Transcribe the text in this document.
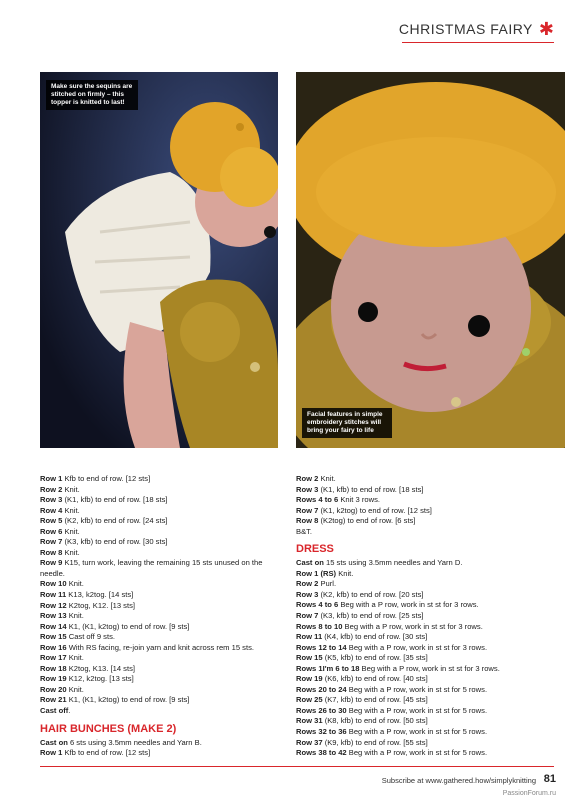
CHRISTMAS FAIRY ✱
Make sure the sequins are stitched on firmly – this topper is knitted to last!
Facial features in simple embroidery stitches will bring your fairy to life

Row 1 Kfb to end of row. [12 sts]

Row 2 Knit.

Row 3 (K1, kfb) to end of row. [18 sts]

Row 4 Knit.

Row 5 (K2, kfb) to end of row. [24 sts]

Row 6 Knit.

Row 7 (K3, kfb) to end of row. [30 sts]

Row 8 Knit.

Row 9 K15, turn work, leaving the remaining 15 sts unused on the needle.

Row 10 Knit.

Row 11 K13, k2tog. [14 sts]

Row 12 K2tog, K12. [13 sts]

Row 13 Knit.

Row 14 K1, (K1, k2tog) to end of row. [9 sts]

Row 15 Cast off 9 sts.

Row 16 With RS facing, re-join yarn and knit across rem 15 sts.

Row 17 Knit.

Row 18 K2tog, K13. [14 sts]

Row 19 K12, k2tog. [13 sts]

Row 20 Knit.

Row 21 K1, (K1, k2tog) to end of row. [9 sts]

Cast off.

HAIR BUNCHES (MAKE 2)

Cast on 6 sts using 3.5mm needles and Yarn B.

Row 1 Kfb to end of row. [12 sts]

Row 2 Knit.

Row 3 (K1, kfb) to end of row. [18 sts]

Rows 4 to 6 Knit 3 rows.

Row 7 (K1, k2tog) to end of row. [12 sts]

Row 8 (K2tog) to end of row. [6 sts]

B&T.

DRESS

Cast on 15 sts using 3.5mm needles and Yarn D.

Row 1 (RS) Knit.

Row 2 Purl.

Row 3 (K2, kfb) to end of row. [20 sts]

Rows 4 to 6 Beg with a P row, work in st st for 3 rows.

Row 7 (K3, kfb) to end of row. [25 sts]

Rows 8 to 10 Beg with a P row, work in st st for 3 rows.

Row 11 (K4, kfb) to end of row. [30 sts]

Rows 12 to 14 Beg with a P row, work in st st for 3 rows.

Row 15 (K5, kfb) to end of row. [35 sts]

Rows 1I'm 6 to 18 Beg with a P row, work in st st for 3 rows.

Row 19 (K6, kfb) to end of row. [40 sts]

Rows 20 to 24 Beg with a P row, work in st st for 5 rows.

Row 25 (K7, kfb) to end of row. [45 sts]

Rows 26 to 30 Beg with a P row, work in st st for 5 rows.

Row 31 (K8, kfb) to end of row. [50 sts]

Rows 32 to 36 Beg with a P row, work in st st for 5 rows.

Row 37 (K9, kfb) to end of row. [55 sts]

Rows 38 to 42 Beg with a P row, work in st st for 5 rows.

Subscribe at www.gathered.how/simplyknitting 81
PassionForum.ru
